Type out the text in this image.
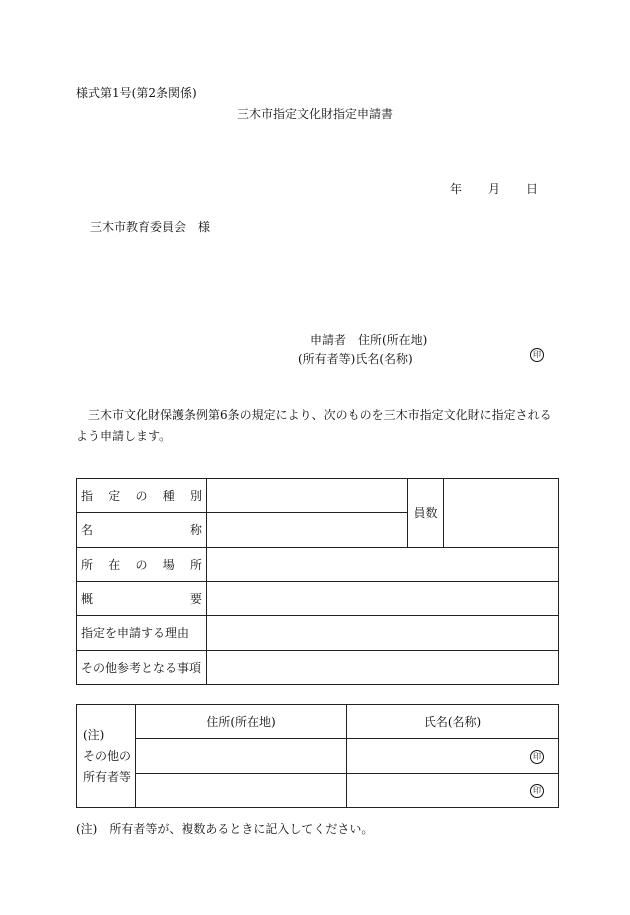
様式第1号(第2条関係)
三木市指定文化財指定申請書
年 月 日
三木市教育委員会　様
申請者　住所(所在地)
(所有者等)氏名(名称)	印
三木市文化財保護条例第6条の規定により、次のものを三木市指定文化財に指定されるよう申請します。
指 定 の 種 別		員数	

名 称			

所 在 の 場 所			

概 要			

指定を申請する理由			

その他参考となる事項			

(注)
その他の
所有者等	住所(所在地)	氏名(名称)
		印
		印
(注)　所有者等が、複数あるときに記入してください。
